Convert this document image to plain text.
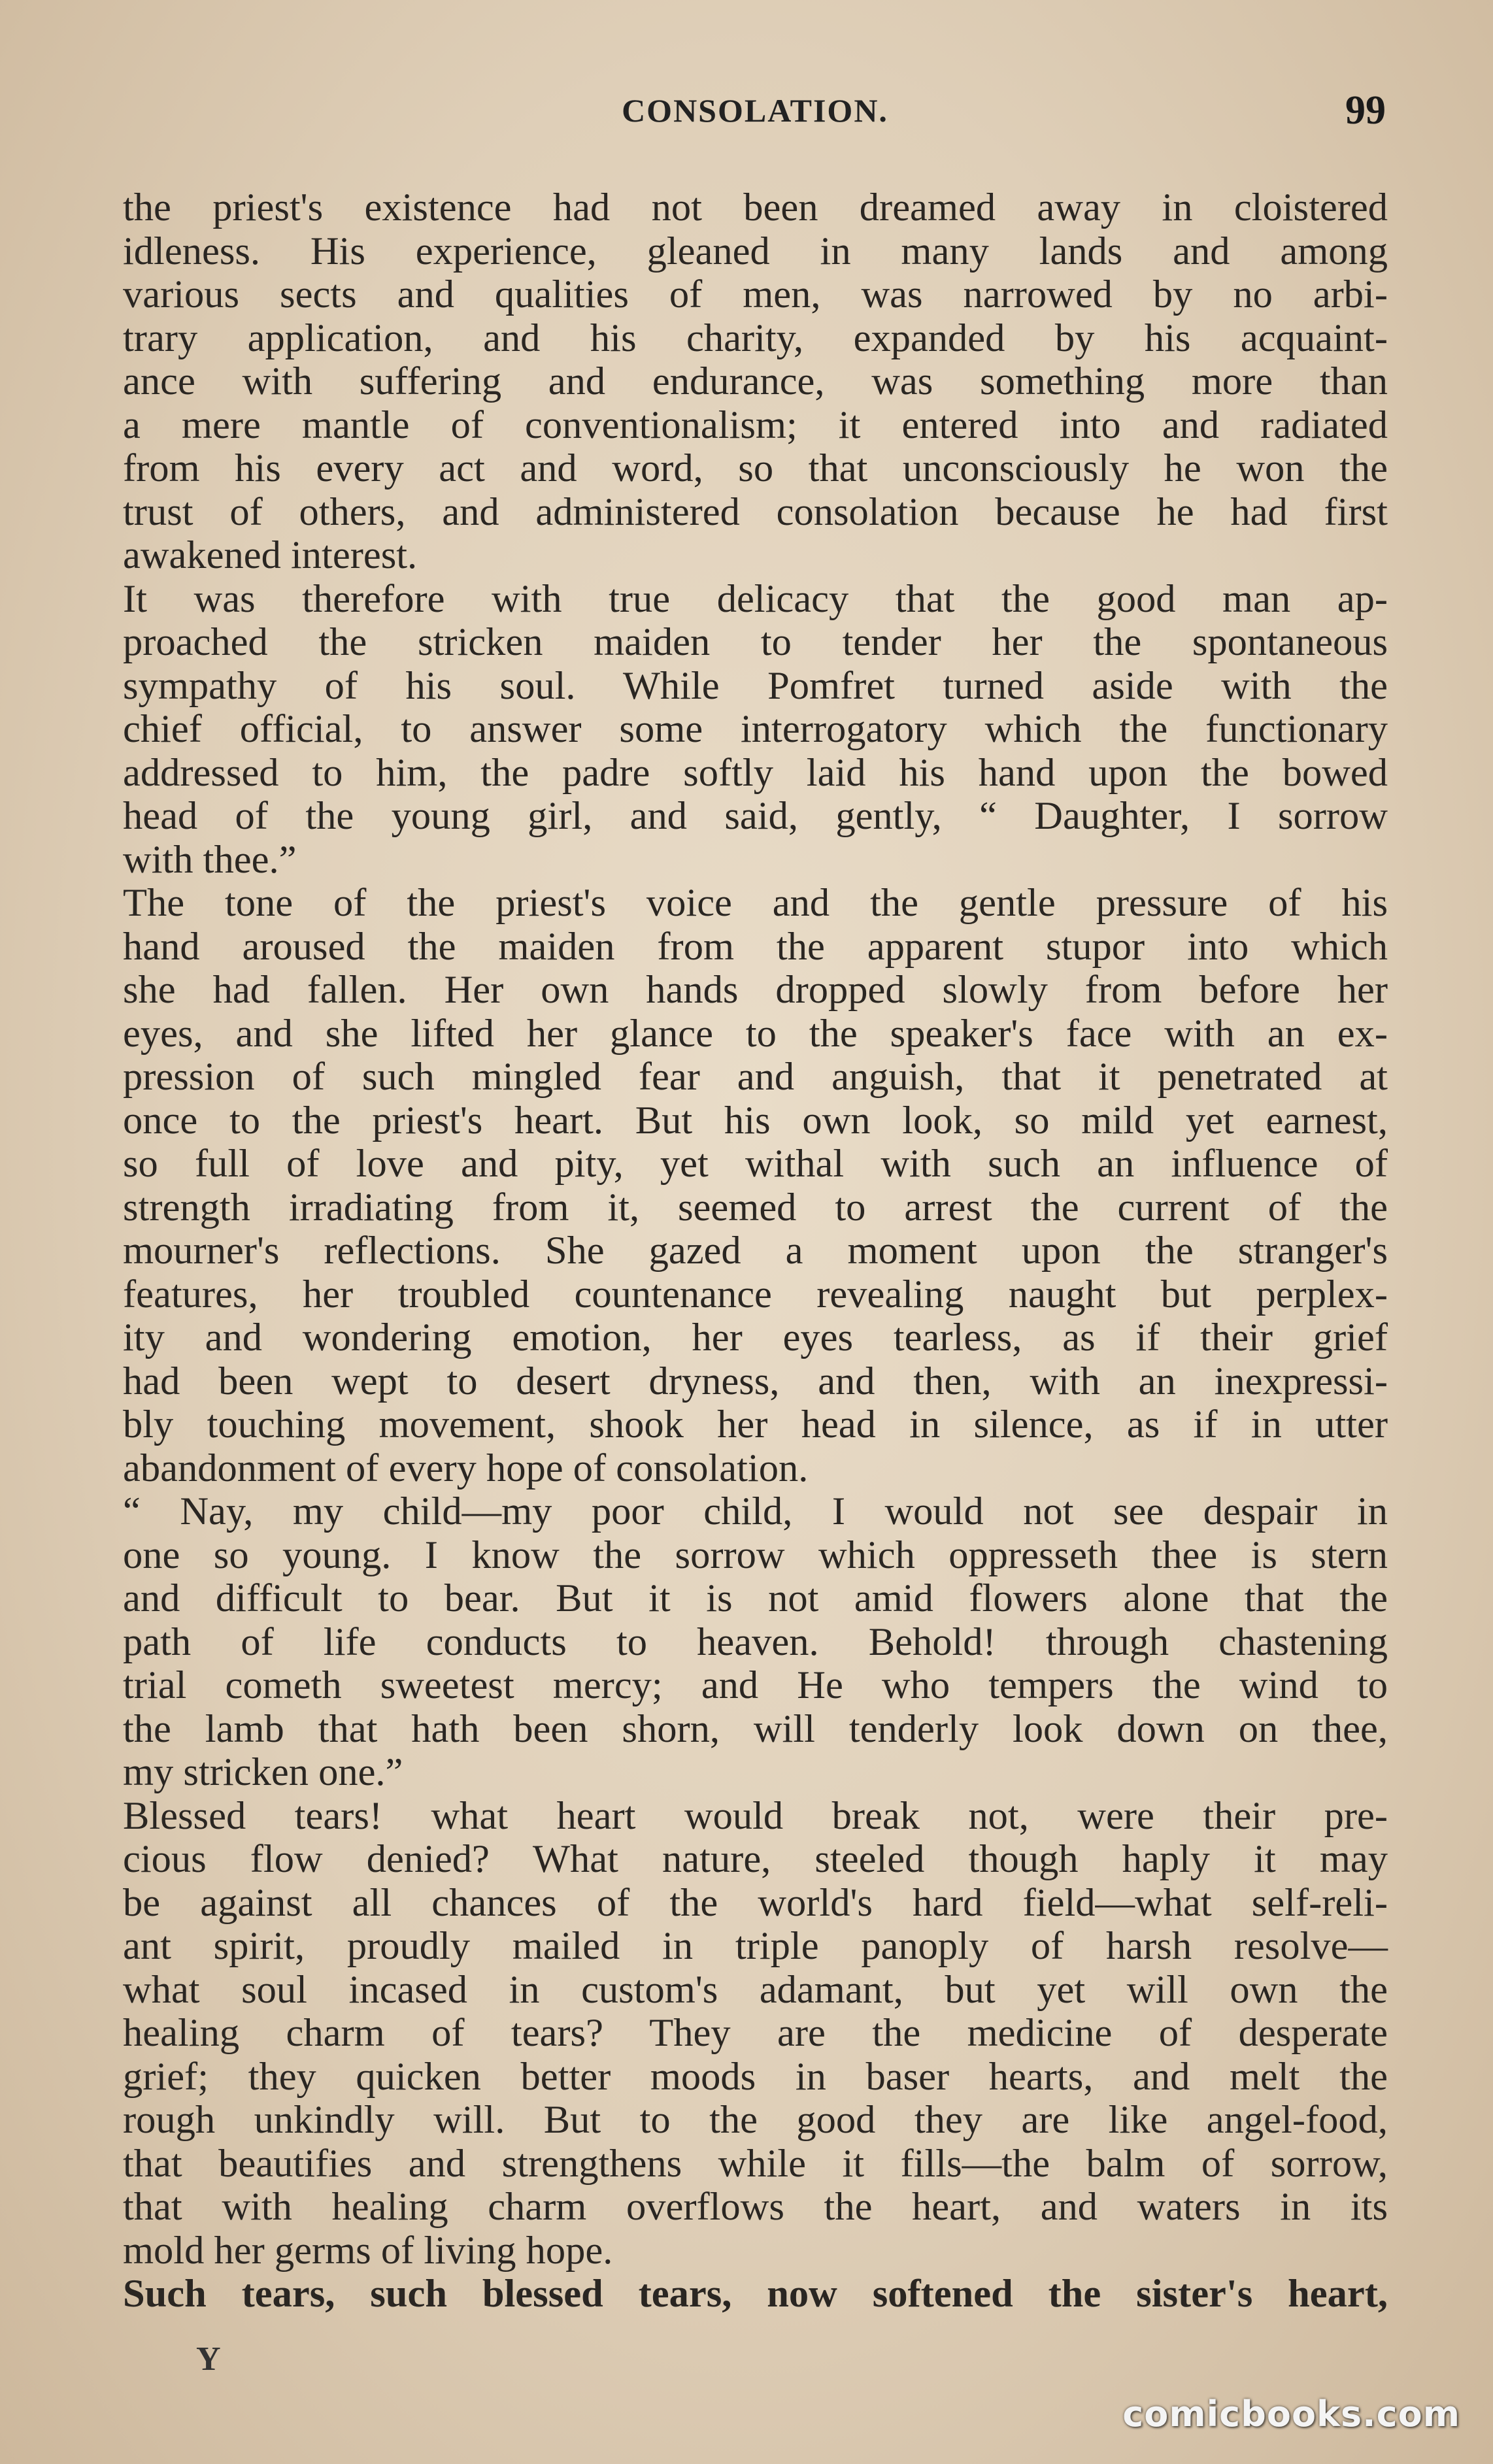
CONSOLATION.	99
the priest's existence had not been dreamed away in cloistered
idleness. His experience, gleaned in many lands and among
various sects and qualities of men, was narrowed by no arbi-
trary application, and his charity, expanded by his acquaint-
ance with suffering and endurance, was something more than
a mere mantle of conventionalism; it entered into and radiated
from his every act and word, so that unconsciously he won the
trust of others, and administered consolation because he had first
awakened interest.
It was therefore with true delicacy that the good man ap-
proached the stricken maiden to tender her the spontaneous
sympathy of his soul. While Pomfret turned aside with the
chief official, to answer some interrogatory which the functionary
addressed to him, the padre softly laid his hand upon the bowed
head of the young girl, and said, gently, “ Daughter, I sorrow
with thee.”
The tone of the priest's voice and the gentle pressure of his
hand aroused the maiden from the apparent stupor into which
she had fallen. Her own hands dropped slowly from before her
eyes, and she lifted her glance to the speaker's face with an ex-
pression of such mingled fear and anguish, that it penetrated at
once to the priest's heart. But his own look, so mild yet earnest,
so full of love and pity, yet withal with such an influence of
strength irradiating from it, seemed to arrest the current of the
mourner's reflections. She gazed a moment upon the stranger's
features, her troubled countenance revealing naught but perplex-
ity and wondering emotion, her eyes tearless, as if their grief
had been wept to desert dryness, and then, with an inexpressi-
bly touching movement, shook her head in silence, as if in utter
abandonment of every hope of consolation.
“ Nay, my child—my poor child, I would not see despair in
one so young. I know the sorrow which oppresseth thee is stern
and difficult to bear. But it is not amid flowers alone that the
path of life conducts to heaven. Behold! through chastening
trial cometh sweetest mercy; and He who tempers the wind to
the lamb that hath been shorn, will tenderly look down on thee,
my stricken one.”
Blessed tears! what heart would break not, were their pre-
cious flow denied? What nature, steeled though haply it may
be against all chances of the world's hard field—what self-reli-
ant spirit, proudly mailed in triple panoply of harsh resolve—
what soul incased in custom's adamant, but yet will own the
healing charm of tears? They are the medicine of desperate
grief; they quicken better moods in baser hearts, and melt the
rough unkindly will. But to the good they are like angel-food,
that beautifies and strengthens while it fills—the balm of sorrow,
that with healing charm overflows the heart, and waters in its
mold her germs of living hope.
Such tears, such blessed tears, now softened the sister's heart,
Y
comicbooks.com
